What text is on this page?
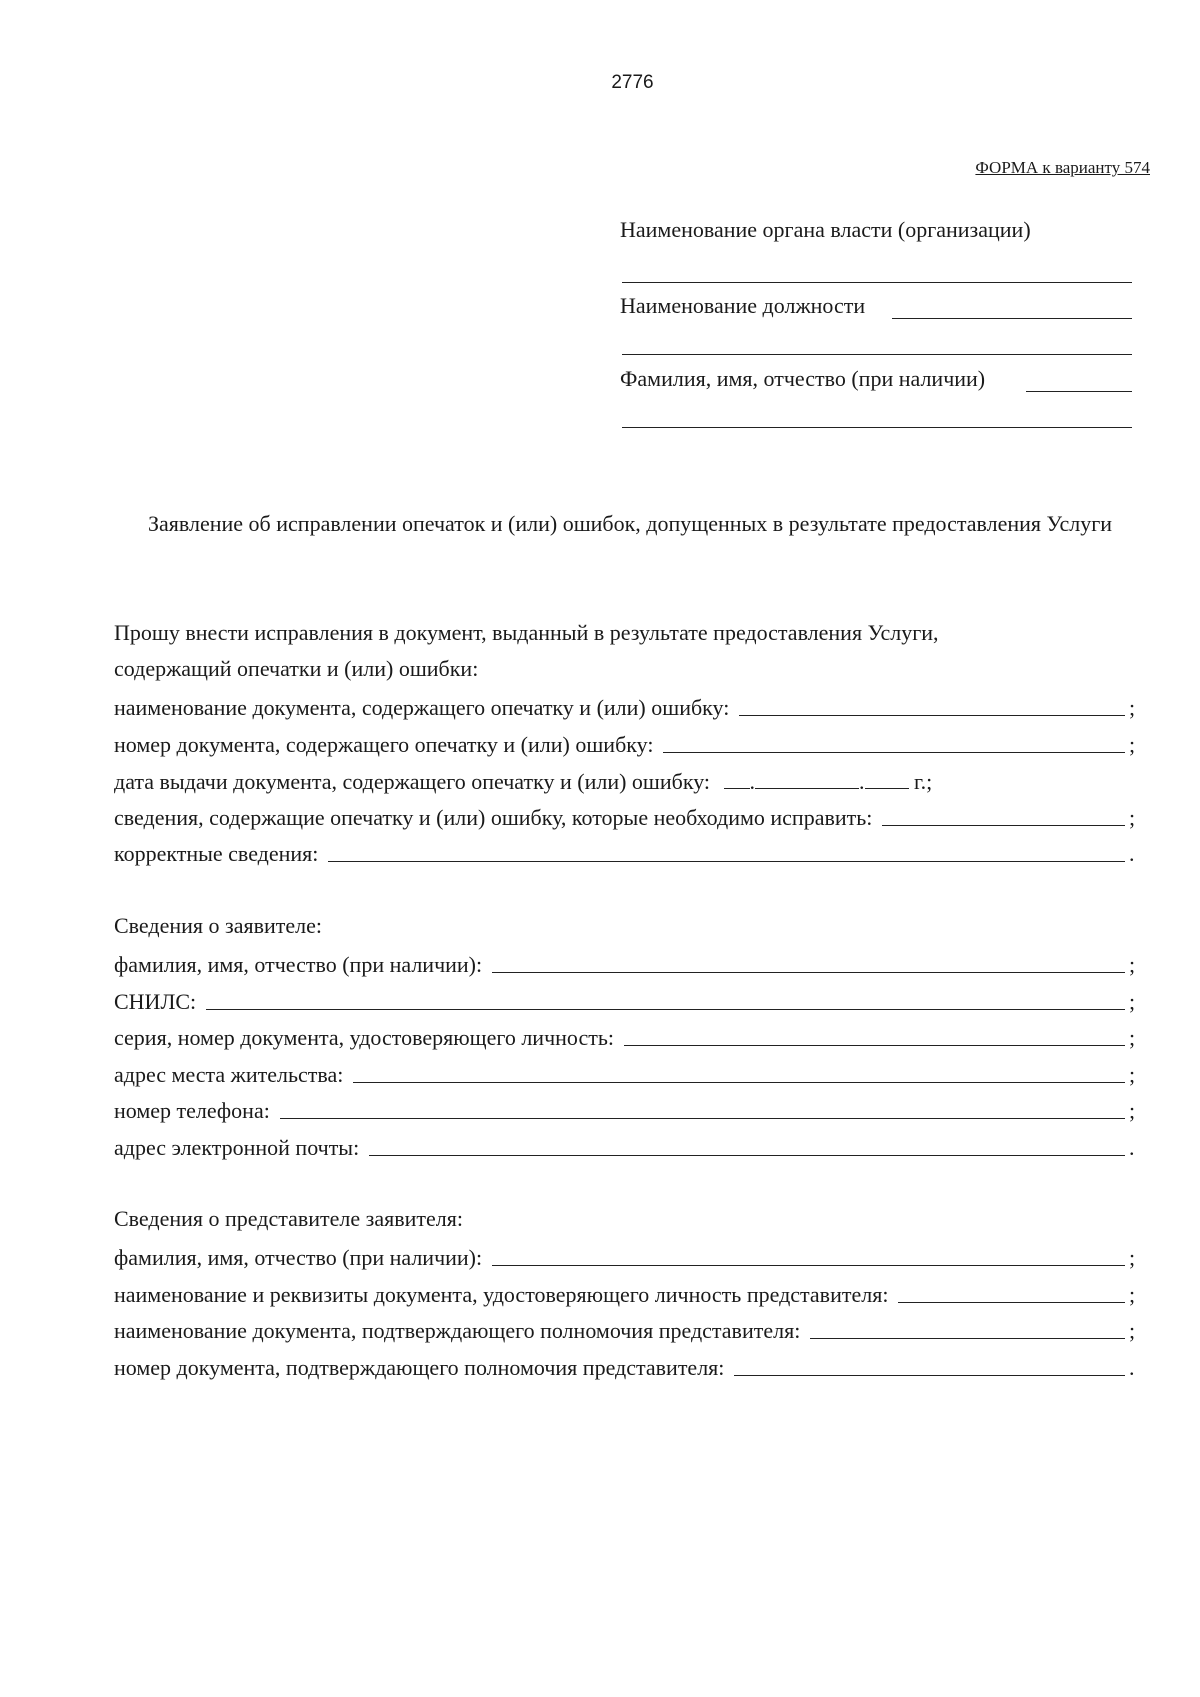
2776
ФОРМА к варианту 574
Наименование органа власти (организации)
Наименование должности
Фамилия, имя, отчество (при наличии)
Заявление об исправлении опечаток и (или) ошибок, допущенных в результате предоставления Услуги
Прошу внести исправления в документ, выданный в результате предоставления Услуги,
содержащий опечатки и (или) ошибки:
наименование документа, содержащего опечатку и (или) ошибку:	;
номер документа, содержащего опечатку и (или) ошибку:	;
дата выдачи документа, содержащего опечатку и (или) ошибку: .	. г.;
сведения, содержащие опечатку и (или) ошибку, которые необходимо исправить:	;
корректные сведения:	.
Сведения о заявителе:
фамилия, имя, отчество (при наличии):	;
СНИЛС:	;
серия, номер документа, удостоверяющего личность:	;
адрес места жительства:	;
номер телефона:	;
адрес электронной почты:	.
Сведения о представителе заявителя:
фамилия, имя, отчество (при наличии):	;
наименование и реквизиты документа, удостоверяющего личность представителя:	;
наименование документа, подтверждающего полномочия представителя:	;
номер документа, подтверждающего полномочия представителя:	.
